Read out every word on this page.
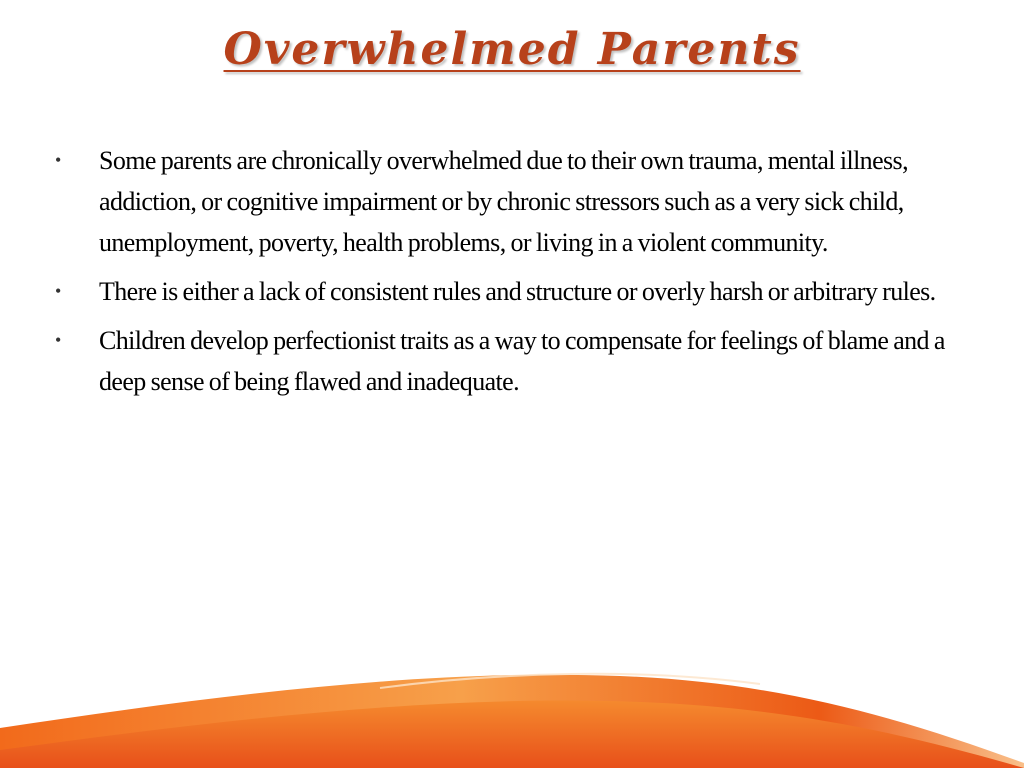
Overwhelmed Parents
•	Some parents are chronically overwhelmed due to their own trauma, mental illness, addiction, or cognitive impairment or by chronic stressors such as a very sick child, unemployment, poverty, health problems, or living in a violent community.
•	There is either a lack of consistent rules and structure or overly harsh or arbitrary rules.
•	Children develop perfectionist traits as a way to compensate for feelings of blame and a deep sense of being flawed and inadequate.
